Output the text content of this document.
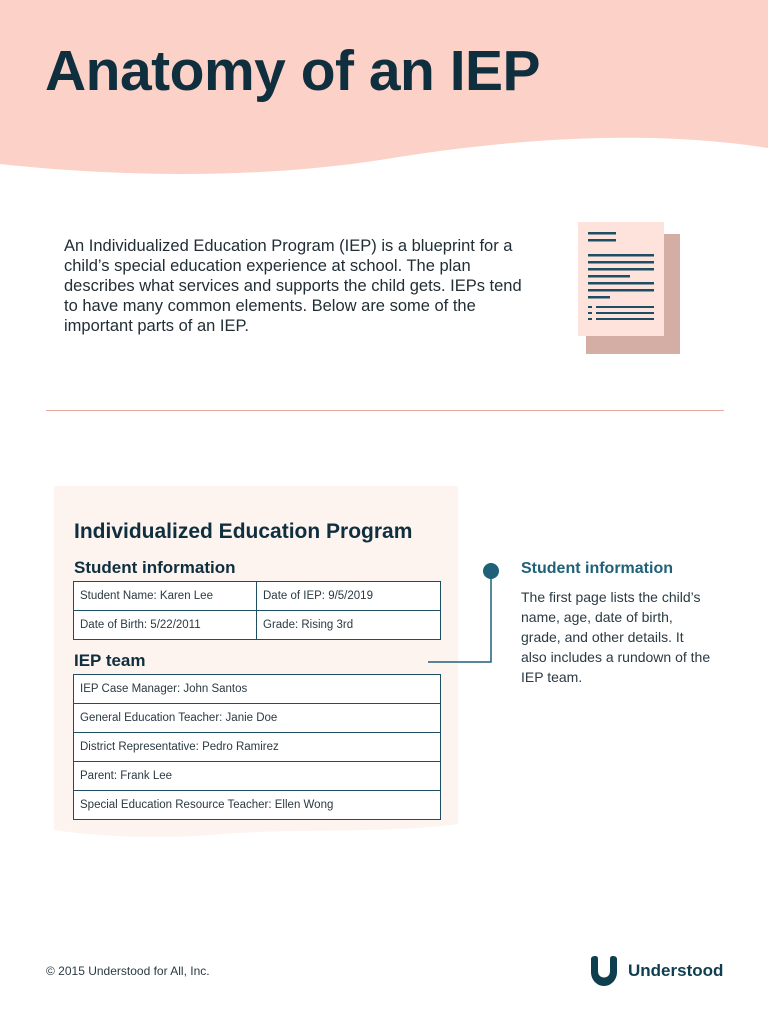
Anatomy of an IEP

An Individualized Education Program (IEP) is a blueprint for a child’s special education experience at school. The plan describes what services and supports the child gets. IEPs tend to have many common elements. Below are some of the important parts of an IEP.

Individualized Education Program
Student information
Student Name: Karen Lee	Date of IEP: 9/5/2019
Date of Birth: 5/22/2011	Grade: Rising 3rd
IEP team
IEP Case Manager: John Santos
General Education Teacher: Janie Doe
District Representative: Pedro Ramirez
Parent: Frank Lee
Special Education Resource Teacher: Ellen Wong
Student information

The first page lists the child’s name, age, date of birth, grade, and other details. It also includes a rundown of the IEP team.

© 2015 Understood for All, Inc.	Understood
